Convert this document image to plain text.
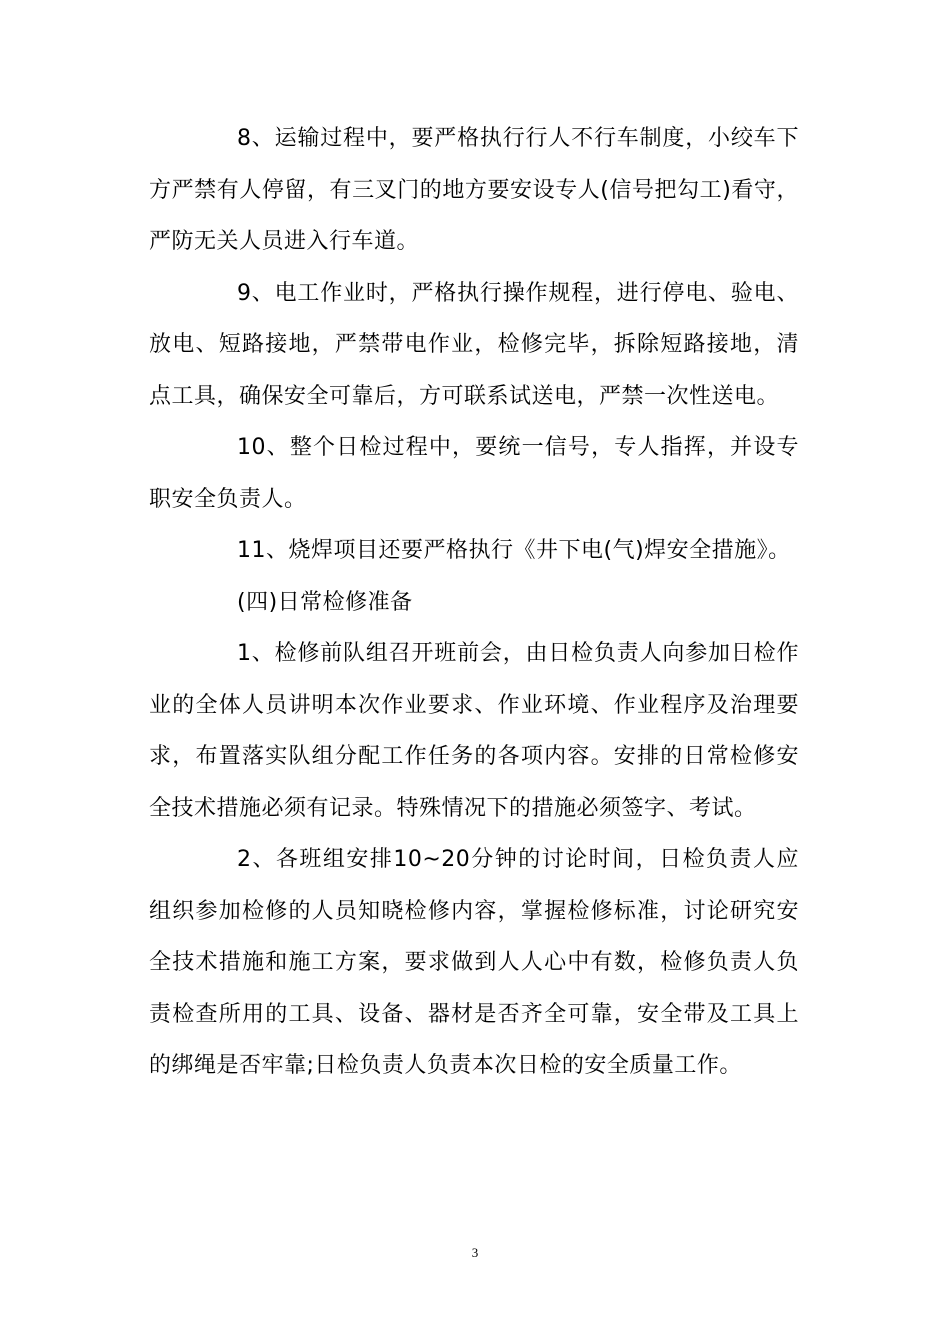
8、运输过程中，要严格执行行人不行车制度，小绞车下方严禁有人停留，有三叉门的地方要安设专人(信号把勾工)看守，严防无关人员进入行车道。

9、电工作业时，严格执行操作规程，进行停电、验电、放电、短路接地，严禁带电作业，检修完毕，拆除短路接地，清点工具，确保安全可靠后，方可联系试送电，严禁一次性送电。

10、整个日检过程中，要统一信号，专人指挥，并设专职安全负责人。

11、烧焊项目还要严格执行《井下电(气)焊安全措施》。

(四)日常检修准备

1、检修前队组召开班前会，由日检负责人向参加日检作业的全体人员讲明本次作业要求、作业环境、作业程序及治理要求，布置落实队组分配工作任务的各项内容。安排的日常检修安全技术措施必须有记录。特殊情况下的措施必须签字、考试。

2、各班组安排10~20分钟的讨论时间，日检负责人应组织参加检修的人员知晓检修内容，掌握检修标准，讨论研究安全技术措施和施工方案，要求做到人人心中有数，检修负责人负责检查所用的工具、设备、器材是否齐全可靠，安全带及工具上的绑绳是否牢靠;日检负责人负责本次日检的安全质量工作。

3
